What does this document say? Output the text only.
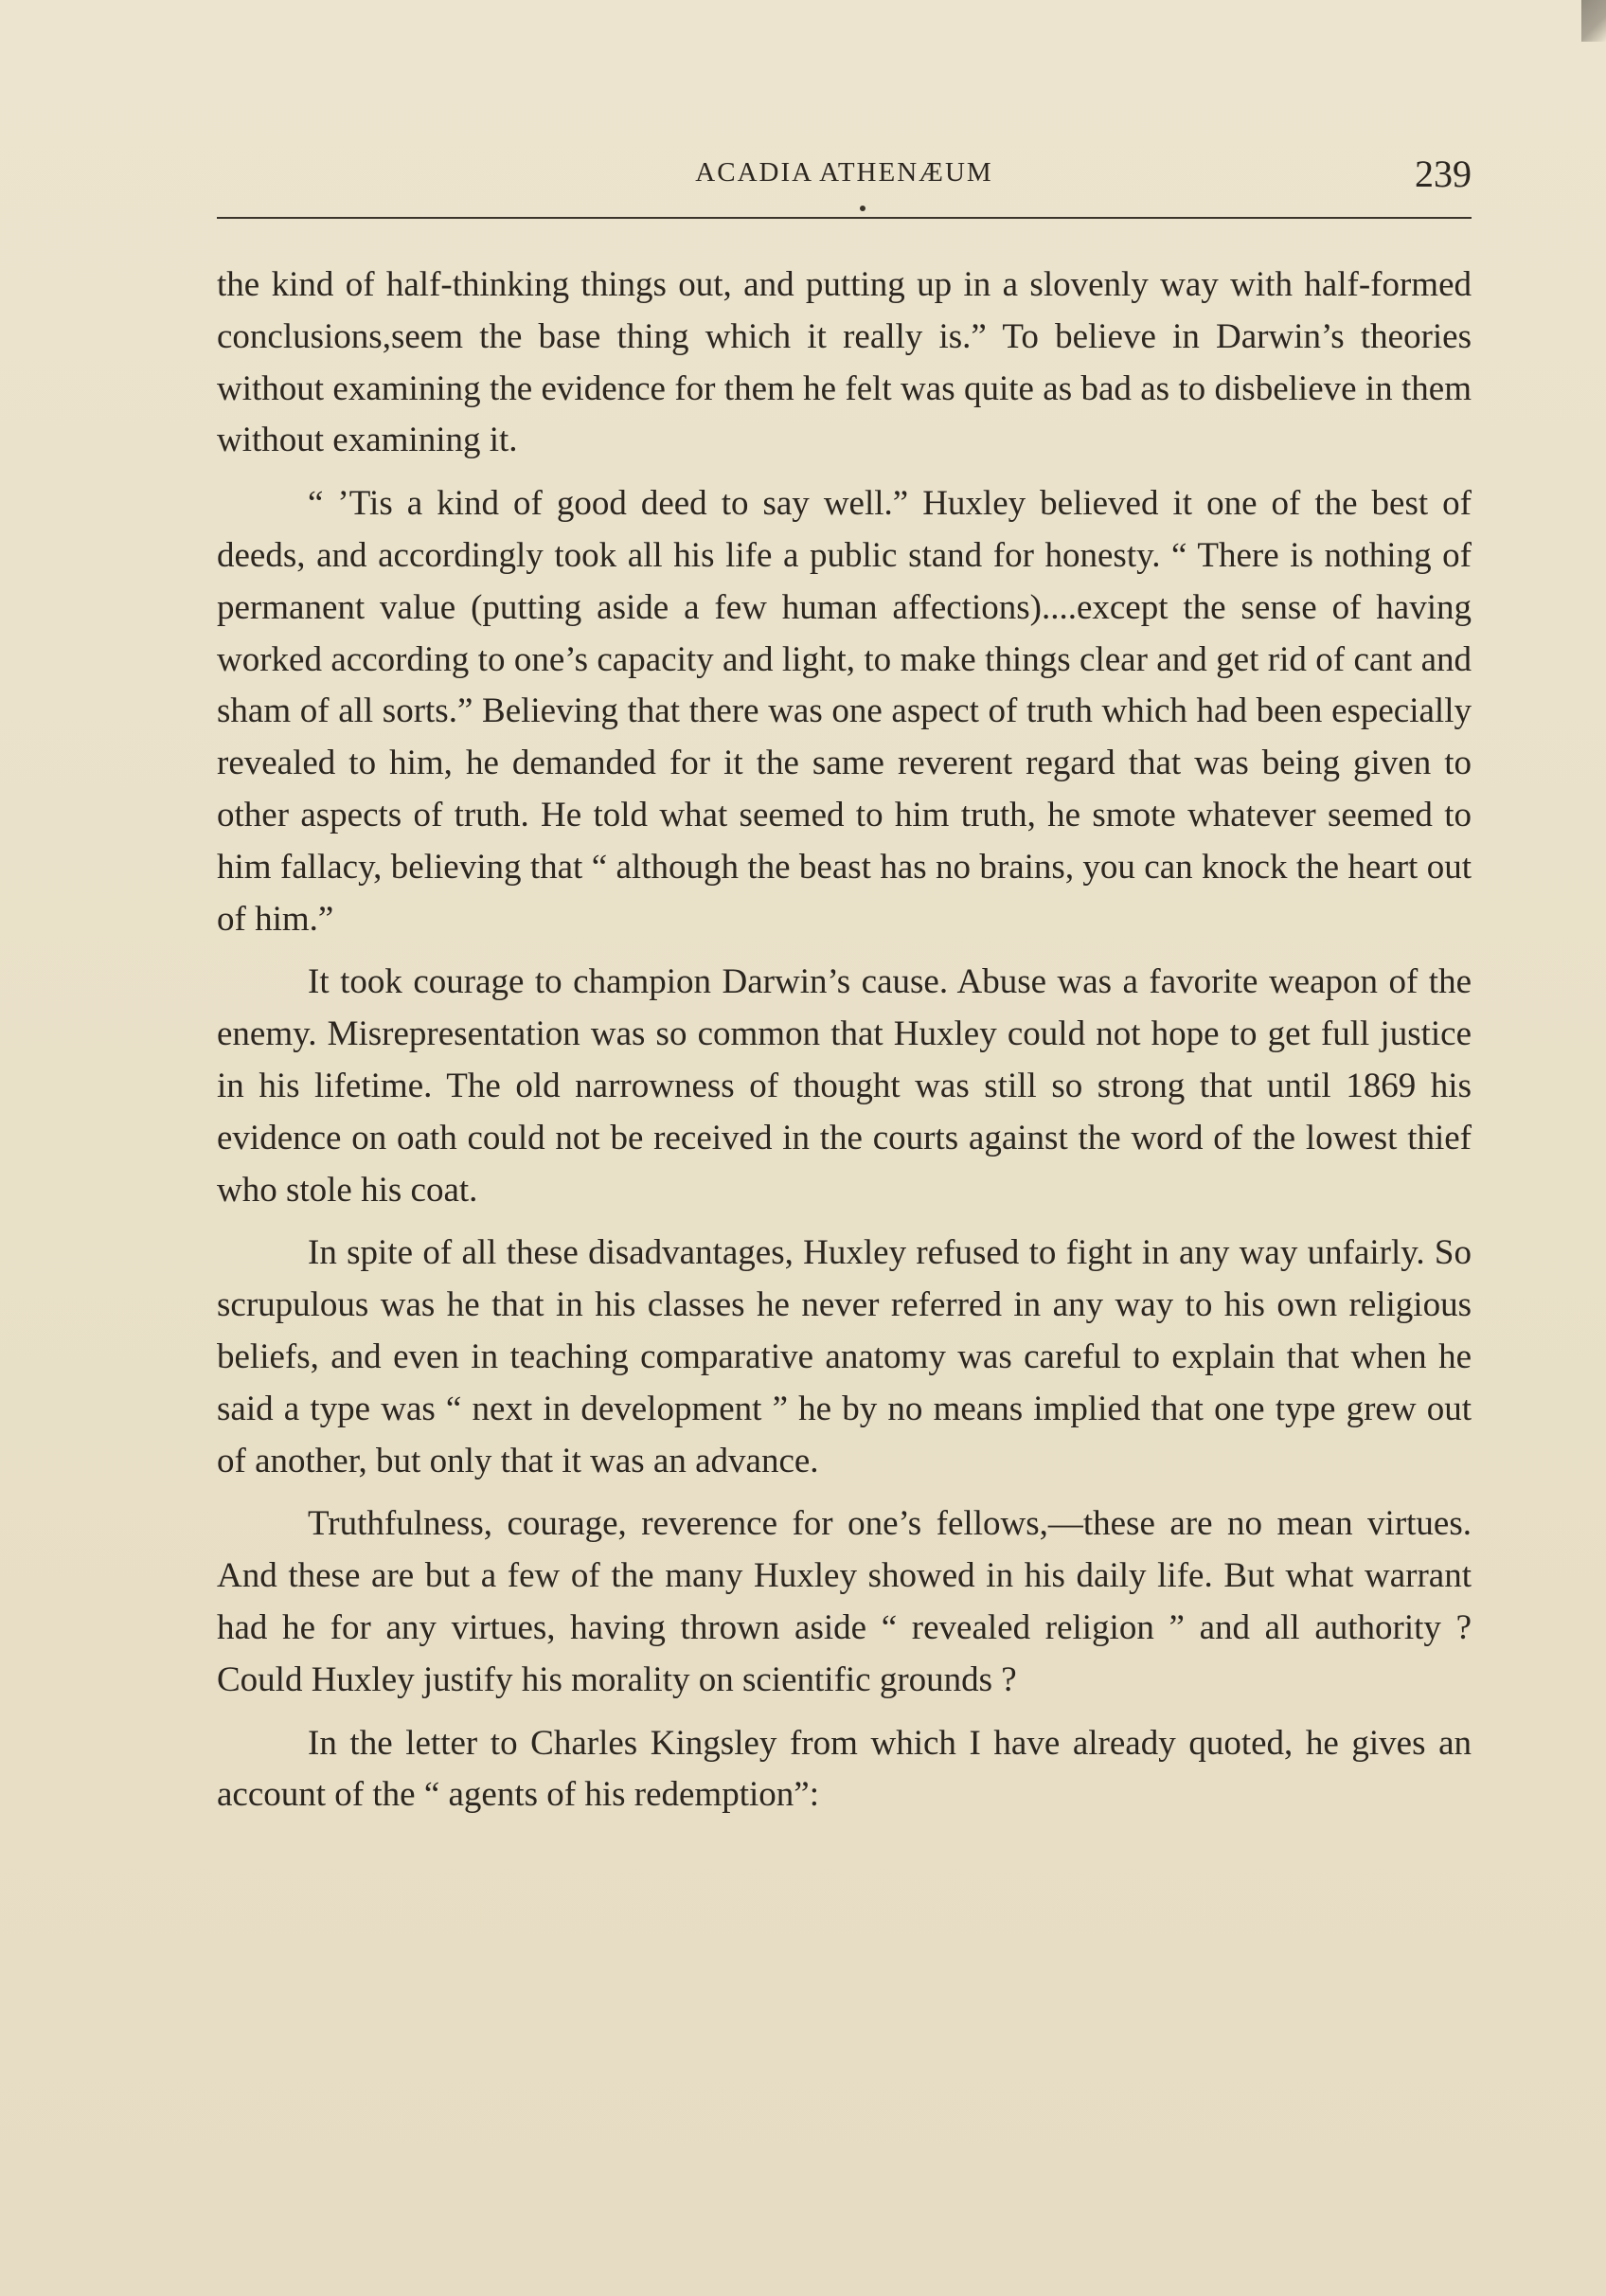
ACADIA ATHENÆUM	239

the kind of half-thinking things out, and putting up in a slovenly way with half-formed conclusions,seem the base thing which it really is.” To believe in Darwin’s theories without examining the evidence for them he felt was quite as bad as to disbelieve in them without examining it.

“ ’Tis a kind of good deed to say well.” Huxley believed it one of the best of deeds, and accordingly took all his life a public stand for honesty. “ There is nothing of permanent value (putting aside a few human affections)....except the sense of having worked according to one’s capacity and light, to make things clear and get rid of cant and sham of all sorts.” Believing that there was one aspect of truth which had been especially revealed to him, he demanded for it the same reverent regard that was being given to other aspects of truth. He told what seemed to him truth, he smote whatever seemed to him fallacy, believing that “ although the beast has no brains, you can knock the heart out of him.”

It took courage to champion Darwin’s cause. Abuse was a favorite weapon of the enemy. Misrepresentation was so common that Huxley could not hope to get full justice in his lifetime. The old narrowness of thought was still so strong that until 1869 his evidence on oath could not be received in the courts against the word of the lowest thief who stole his coat.

In spite of all these disadvantages, Huxley refused to fight in any way unfairly. So scrupulous was he that in his classes he never referred in any way to his own religious beliefs, and even in teaching comparative anatomy was careful to explain that when he said a type was “ next in development ” he by no means implied that one type grew out of another, but only that it was an advance.

Truthfulness, courage, reverence for one’s fellows,—these are no mean virtues. And these are but a few of the many Huxley showed in his daily life. But what warrant had he for any virtues, having thrown aside “ revealed religion ” and all authority ? Could Huxley justify his morality on scientific grounds ?

In the letter to Charles Kingsley from which I have already quoted, he gives an account of the “ agents of his redemption”:
